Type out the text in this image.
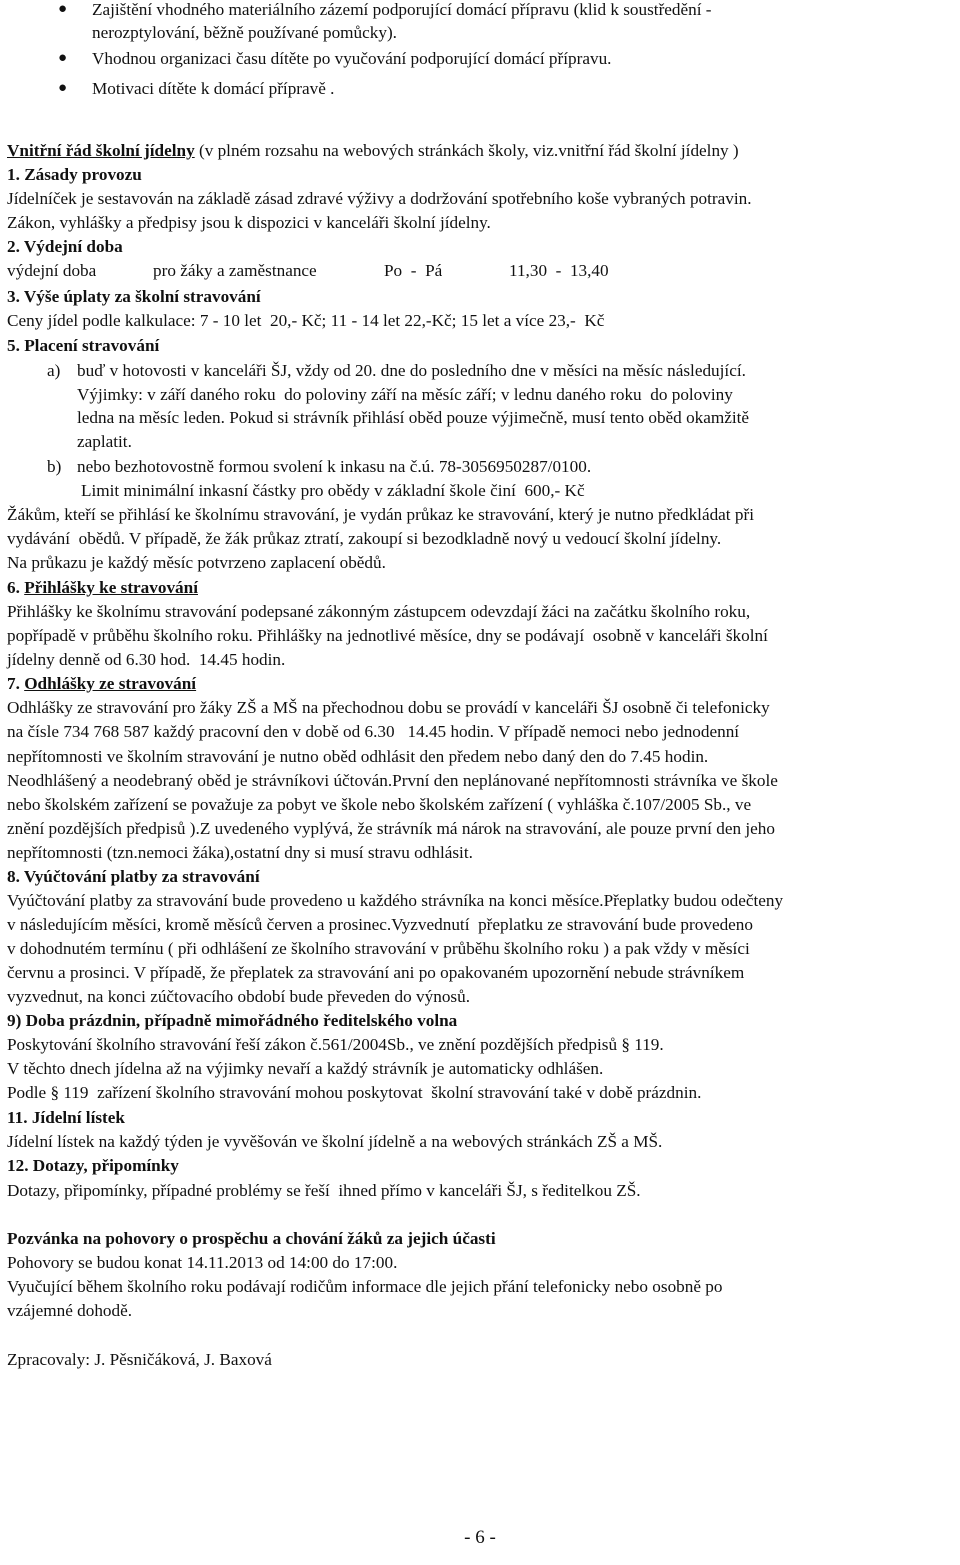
● Zajištění vhodného materiálního zázemí podporující domácí přípravu (klid k soustředění -
nerozptylování, běžně používané pomůcky).
● Vhodnou organizaci času dítěte po vyučování podporující domácí přípravu.
● Motivaci dítěte k domácí přípravě .
Vnitřní řád školní jídelny (v plném rozsahu na webových stránkách školy, viz.vnitřní řád školní jídelny )
1. Zásady provozu
Jídelníček je sestavován na základě zásad zdravé výživy a dodržování spotřebního koše vybraných potravin.
Zákon, vyhlášky a předpisy jsou k dispozici v kanceláři školní jídelny.
2. Výdejní doba
výdejní doba	pro žáky a zaměstnance	Po  -  Pá	11,30  -  13,40
3. Výše úplaty za školní stravování
Ceny jídel podle kalkulace: 7 - 10 let  20,- Kč; 11 - 14 let 22,-Kč; 15 let a více 23,-  Kč
5. Placení stravování
a) buď v hotovosti v kanceláři ŠJ, vždy od 20. dne do posledního dne v měsíci na měsíc následující.
Výjimky: v září daného roku  do poloviny září na měsíc září; v lednu daného roku  do poloviny
ledna na měsíc leden. Pokud si strávník přihlásí oběd pouze výjimečně, musí tento oběd okamžitě
zaplatit.
b) nebo bezhotovostně formou svolení k inkasu na č.ú. 78-3056950287/0100.
Limit minimální inkasní částky pro obědy v základní škole činí  600,- Kč
Žákům, kteří se přihlásí ke školnímu stravování, je vydán průkaz ke stravování, který je nutno předkládat při
vydávání  obědů. V případě, že žák průkaz ztratí, zakoupí si bezodkladně nový u vedoucí školní jídelny.
Na průkazu je každý měsíc potvrzeno zaplacení obědů.
6. Přihlášky ke stravování
Přihlášky ke školnímu stravování podepsané zákonným zástupcem odevzdají žáci na začátku školního roku,
popřípadě v průběhu školního roku. Přihlášky na jednotlivé měsíce, dny se podávají  osobně v kanceláři školní
jídelny denně od 6.30 hod.  14.45 hodin.
7. Odhlášky ze stravování
Odhlášky ze stravování pro žáky ZŠ a MŠ na přechodnou dobu se provádí v kanceláři ŠJ osobně či telefonicky
na čísle 734 768 587 každý pracovní den v době od 6.30   14.45 hodin. V případě nemoci nebo jednodenní
nepřítomnosti ve školním stravování je nutno oběd odhlásit den předem nebo daný den do 7.45 hodin.
Neodhlášený a neodebraný oběd je strávníkovi účtován.První den neplánované nepřítomnosti strávníka ve škole
nebo školském zařízení se považuje za pobyt ve škole nebo školském zařízení ( vyhláška č.107/2005 Sb., ve
znění pozdějších předpisů ).Z uvedeného vyplývá, že strávník má nárok na stravování, ale pouze první den jeho
nepřítomnosti (tzn.nemoci žáka),ostatní dny si musí stravu odhlásit.
8. Vyúčtování platby za stravování
Vyúčtování platby za stravování bude provedeno u každého strávníka na konci měsíce.Přeplatky budou odečteny
v následujícím měsíci, kromě měsíců červen a prosinec.Vyzvednutí  přeplatku ze stravování bude provedeno
v dohodnutém termínu ( při odhlášení ze školního stravování v průběhu školního roku ) a pak vždy v měsíci
červnu a prosinci. V případě, že přeplatek za stravování ani po opakovaném upozornění nebude strávníkem
vyzvednut, na konci zúčtovacího období bude převeden do výnosů.
9) Doba prázdnin, případně mimořádného ředitelského volna
Poskytování školního stravování řeší zákon č.561/2004Sb., ve znění pozdějších předpisů § 119.
V těchto dnech jídelna až na výjimky nevaří a každý strávník je automaticky odhlášen.
Podle § 119  zařízení školního stravování mohou poskytovat  školní stravování také v době prázdnin.
11. Jídelní lístek
Jídelní lístek na každý týden je vyvěšován ve školní jídelně a na webových stránkách ZŠ a MŠ.
12. Dotazy, připomínky
Dotazy, připomínky, případné problémy se řeší  ihned přímo v kanceláři ŠJ, s ředitelkou ZŠ.
Pozvánka na pohovory o prospěchu a chování žáků za jejich účasti
Pohovory se budou konat 14.11.2013 od 14:00 do 17:00.
Vyučující během školního roku podávají rodičům informace dle jejich přání telefonicky nebo osobně po
vzájemné dohodě.
Zpracovaly: J. Pěsničáková, J. Baxová
- 6 -
